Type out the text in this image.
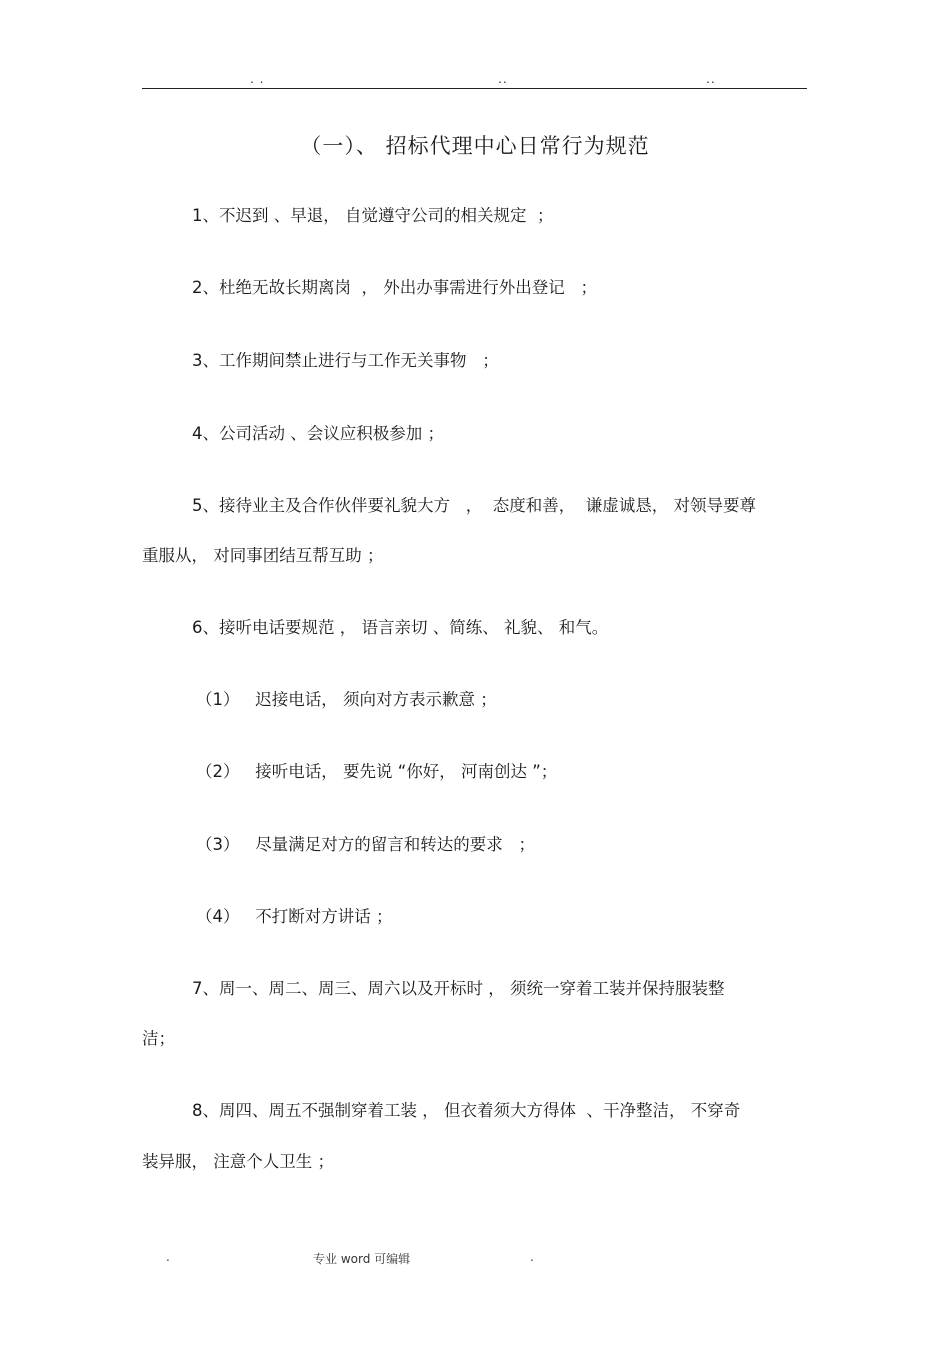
. .	..	..
（一）、 招标代理中心日常行为规范
1、不迟到 、早退， 自觉遵守公司的相关规定  ；
2、杜绝无故长期离岗  ， 外出办事需进行外出登记   ；
3、工作期间禁止进行与工作无关事物   ；
4、公司活动 、会议应积极参加 ；
5、接待业主及合作伙伴要礼貌大方   ，  态度和善，  谦虚诚恳， 对领导要尊
重服从， 对同事团结互帮互助 ；
6、接听电话要规范 ， 语言亲切 、简练、 礼貌、 和气。
（1）   迟接电话， 须向对方表示歉意 ；
（2）   接听电话， 要先说 “你好， 河南创达 ”；
（3）   尽量满足对方的留言和转达的要求   ；
（4）   不打断对方讲话 ；
7、周一、周二、周三、周六以及开标时 ， 须统一穿着工装并保持服装整
洁；
8、周四、周五不强制穿着工装 ， 但衣着须大方得体  、干净整洁， 不穿奇
装异服， 注意个人卫生 ；
.	专业 word 可编辑	.
